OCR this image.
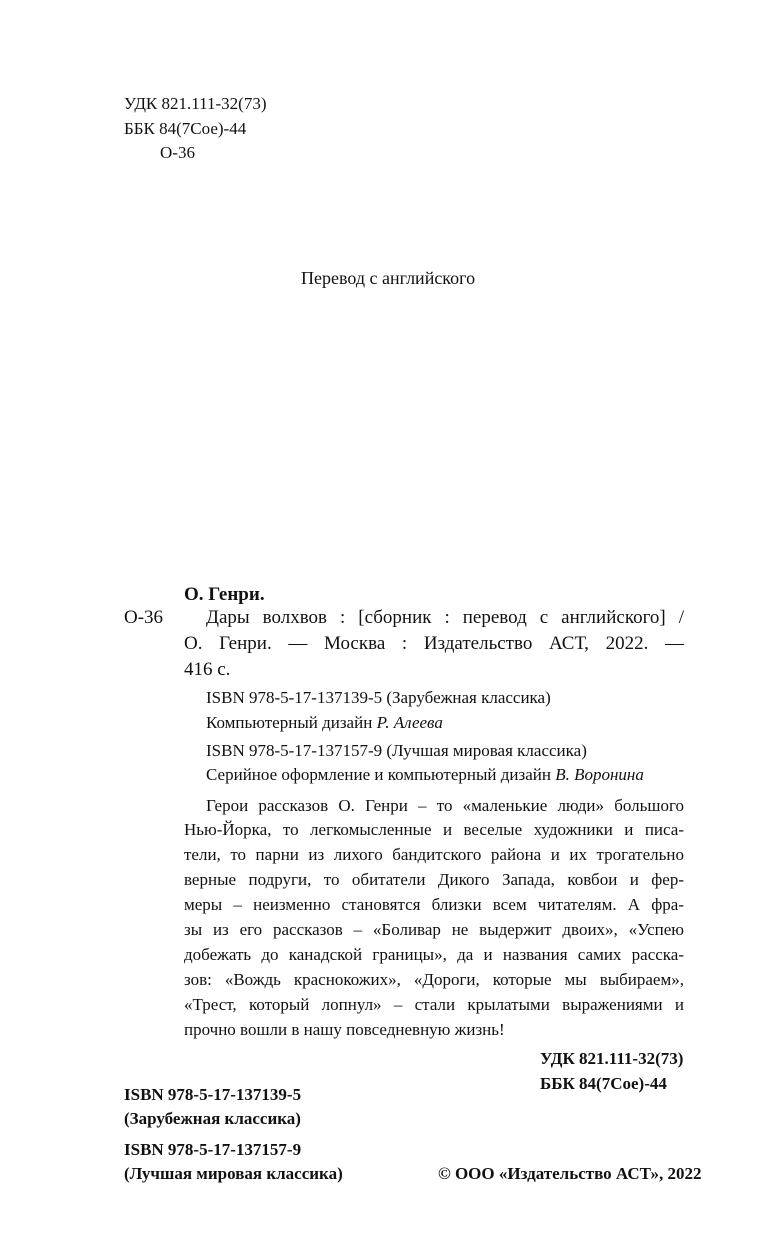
УДК 821.111-32(73)
ББК 84(7Сое)-44
О-36
Перевод с английского
О. Генри.
О-36 Дары волхвов : [сборник : перевод с английского] /
О. Генри. — Москва : Издательство АСТ, 2022. —
416 с.
ISBN 978-5-17-137139-5 (Зарубежная классика)
Компьютерный дизайн Р. Алеева
ISBN 978-5-17-137157-9 (Лучшая мировая классика)
Серийное оформление и компьютерный дизайн В. Воронина
Герои рассказов О. Генри – то «маленькие люди» большого
Нью-Йорка, то легкомысленные и веселые художники и писа-
тели, то парни из лихого бандитского района и их трогательно
верные подруги, то обитатели Дикого Запада, ковбои и фер-
меры – неизменно становятся близки всем читателям. А фра-
зы из его рассказов – «Боливар не выдержит двоих», «Успею
добежать до канадской границы», да и названия самих расска-
зов: «Вождь краснокожих», «Дороги, которые мы выбираем»,
«Трест, который лопнул» – стали крылатыми выражениями и
прочно вошли в нашу повседневную жизнь!
УДК 821.111-32(73)
ББК 84(7Сое)-44
ISBN 978-5-17-137139-5
(Зарубежная классика)
ISBN 978-5-17-137157-9
(Лучшая мировая классика)	© ООО «Издательство АСТ», 2022
